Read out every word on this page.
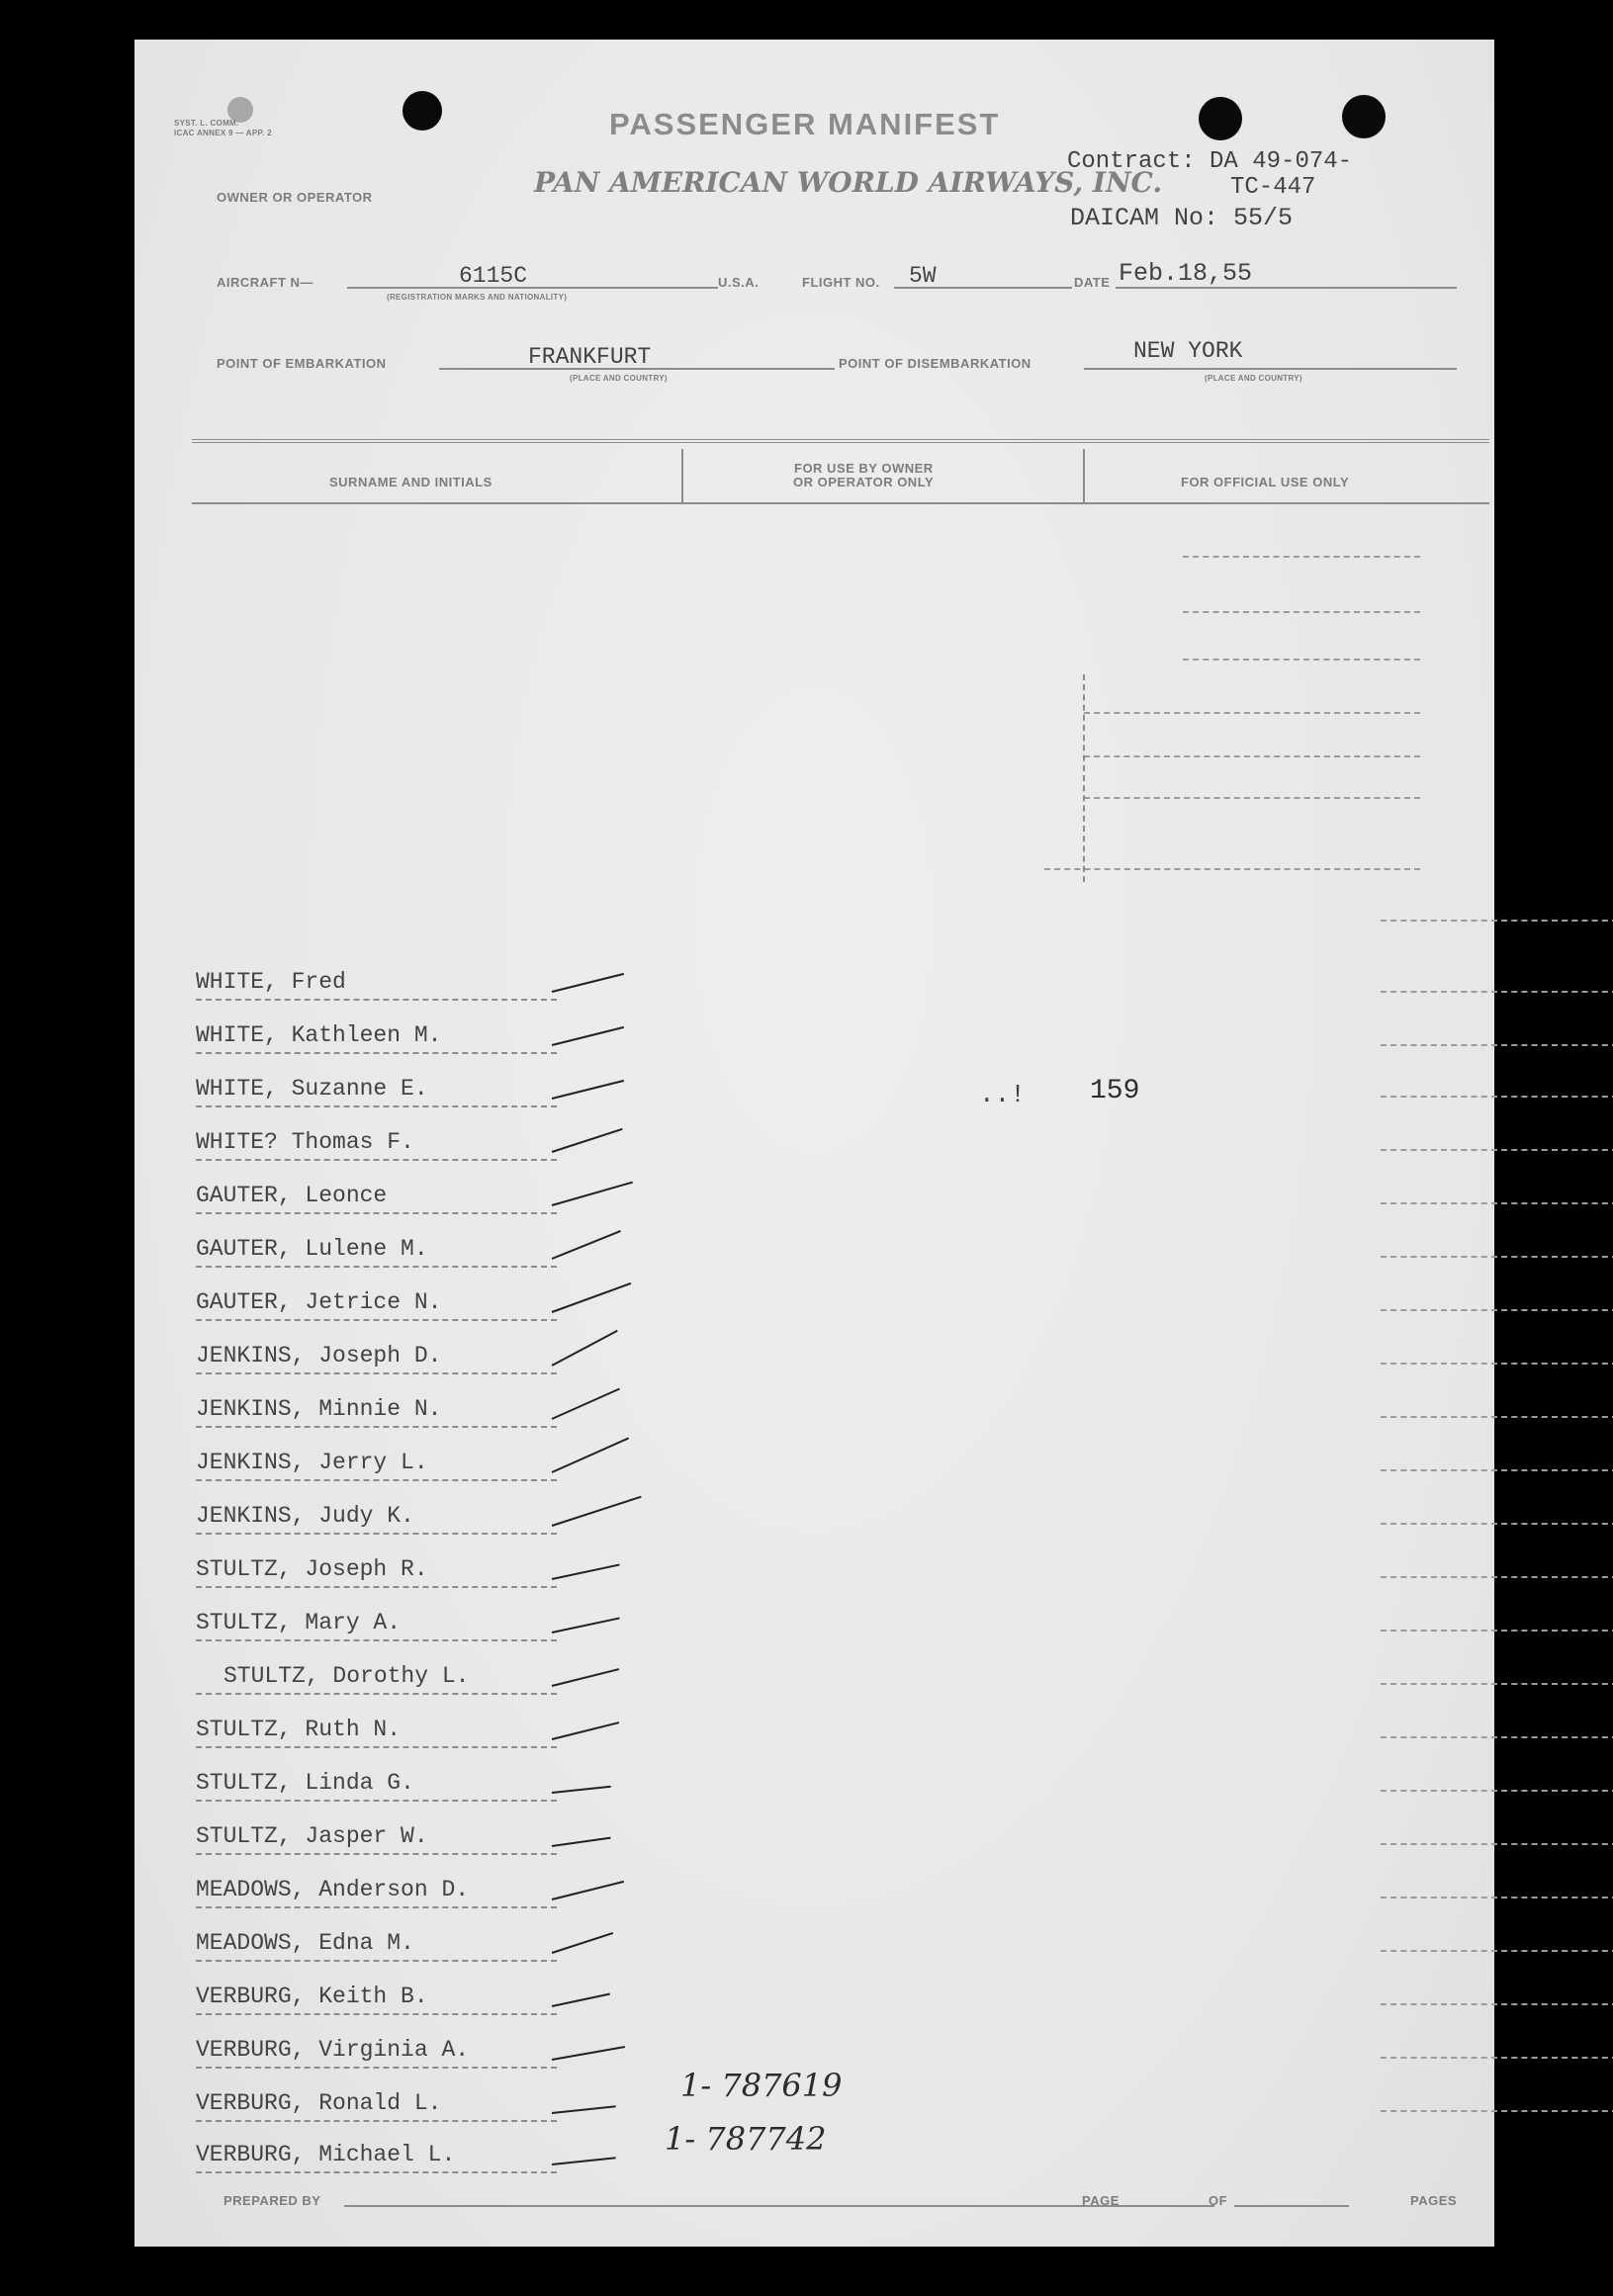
SYST. L. COMM.
ICAC ANNEX 9 — APP. 2	PASSENGER MANIFEST
OWNER OR OPERATOR	PAN AMERICAN WORLD AIRWAYS, INC.
Contract: DA 49-074-
TC-447
DAICAM No: 55/5
AIRCRAFT N—	6115C
(REGISTRATION MARKS AND NATIONALITY)
U.S.A.	FLIGHT NO. 5W	DATE Feb.18,55
POINT OF EMBARKATION	FRANKFURT
(PLACE AND COUNTRY)
POINT OF DISEMBARKATION	NEW YORK
(PLACE AND COUNTRY)
SURNAME AND INITIALS
FOR USE BY OWNER
OR OPERATOR ONLY	FOR OFFICIAL USE ONLY
..! 159
WHITE, Fred
WHITE, Kathleen M.
WHITE, Suzanne E.
WHITE? Thomas F.
GAUTER, Leonce
GAUTER, Lulene M.
GAUTER, Jetrice N.
JENKINS, Joseph D.
JENKINS, Minnie N.
JENKINS, Jerry L.
JENKINS, Judy K.
STULTZ, Joseph R.
STULTZ, Mary A.
STULTZ, Dorothy L.
STULTZ, Ruth N.
STULTZ, Linda G.
STULTZ, Jasper W.
MEADOWS, Anderson D.
MEADOWS, Edna M.
VERBURG, Keith B.
VERBURG, Virginia A.
VERBURG, Ronald L.
VERBURG, Michael L.
1- 787619
1- 787742
PREPARED BY	PAGE	OF	PAGES
